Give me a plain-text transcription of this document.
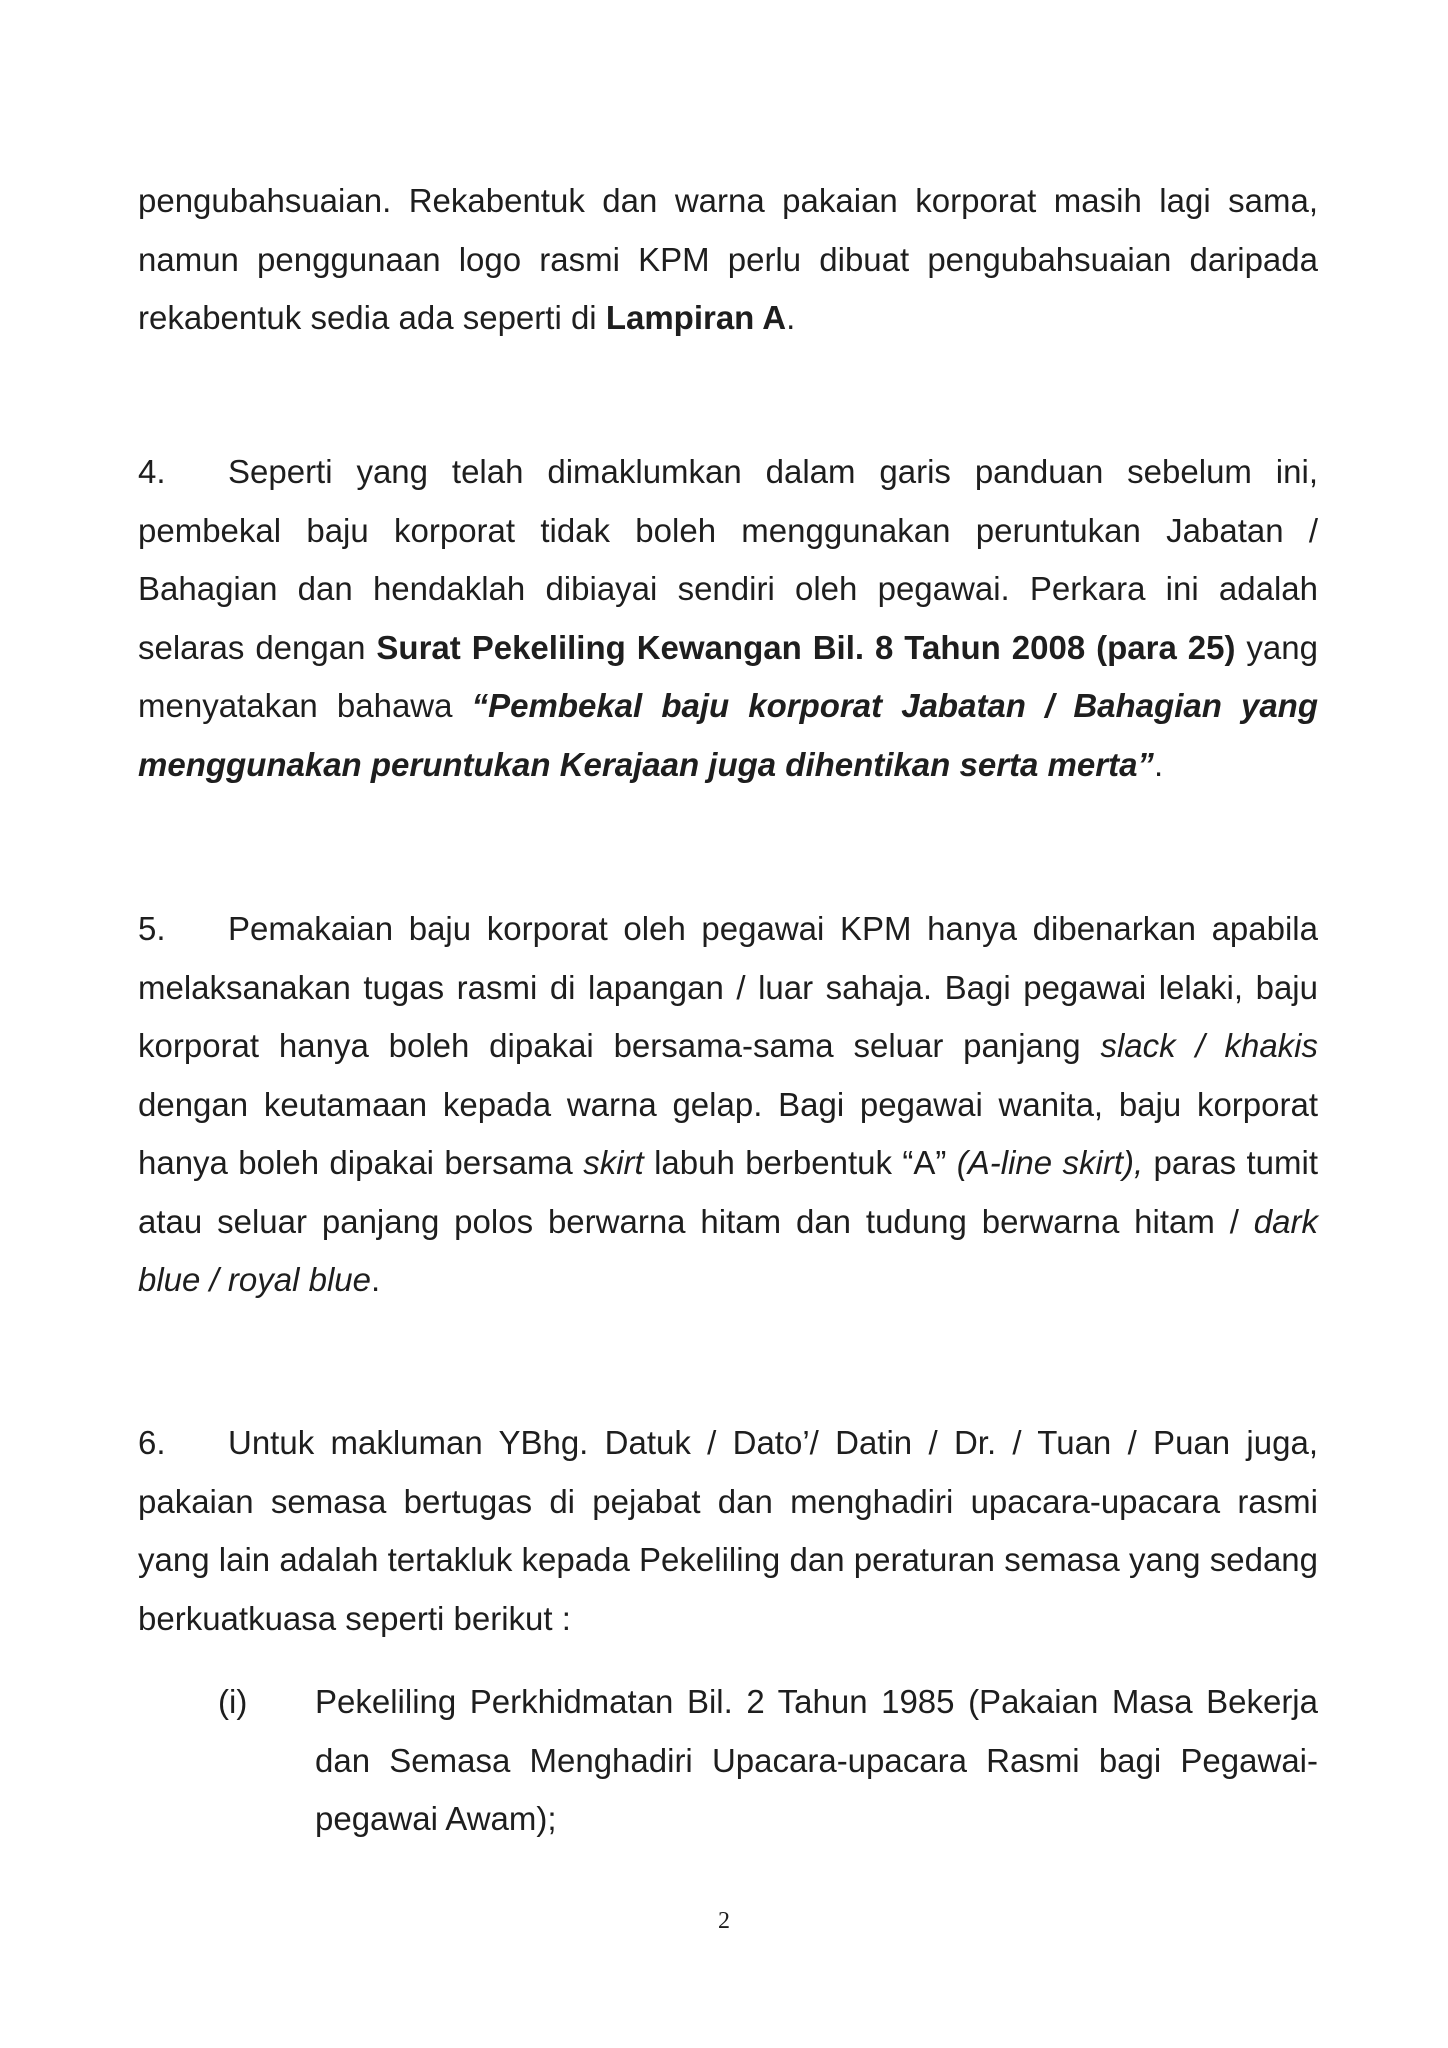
pengubahsuaian. Rekabentuk dan warna pakaian korporat masih lagi sama, namun penggunaan logo rasmi KPM perlu dibuat pengubahsuaian daripada rekabentuk sedia ada seperti di Lampiran A.

4. Seperti yang telah dimaklumkan dalam garis panduan sebelum ini, pembekal baju korporat tidak boleh menggunakan peruntukan Jabatan / Bahagian dan hendaklah dibiayai sendiri oleh pegawai. Perkara ini adalah selaras dengan Surat Pekeliling Kewangan Bil. 8 Tahun 2008 (para 25) yang menyatakan bahawa “Pembekal baju korporat Jabatan / Bahagian yang menggunakan peruntukan Kerajaan juga dihentikan serta merta”.

5. Pemakaian baju korporat oleh pegawai KPM hanya dibenarkan apabila melaksanakan tugas rasmi di lapangan / luar sahaja. Bagi pegawai lelaki, baju korporat hanya boleh dipakai bersama-sama seluar panjang slack / khakis dengan keutamaan kepada warna gelap. Bagi pegawai wanita, baju korporat hanya boleh dipakai bersama skirt labuh berbentuk “A” (A-line skirt), paras tumit atau seluar panjang polos berwarna hitam dan tudung berwarna hitam / dark blue / royal blue.

6. Untuk makluman YBhg. Datuk / Dato’/ Datin / Dr. / Tuan / Puan juga, pakaian semasa bertugas di pejabat dan menghadiri upacara-upacara rasmi yang lain adalah tertakluk kepada Pekeliling dan peraturan semasa yang sedang berkuatkuasa seperti berikut :

(i) Pekeliling Perkhidmatan Bil. 2 Tahun 1985 (Pakaian Masa Bekerja dan Semasa Menghadiri Upacara-upacara Rasmi bagi Pegawai-pegawai Awam);
2
